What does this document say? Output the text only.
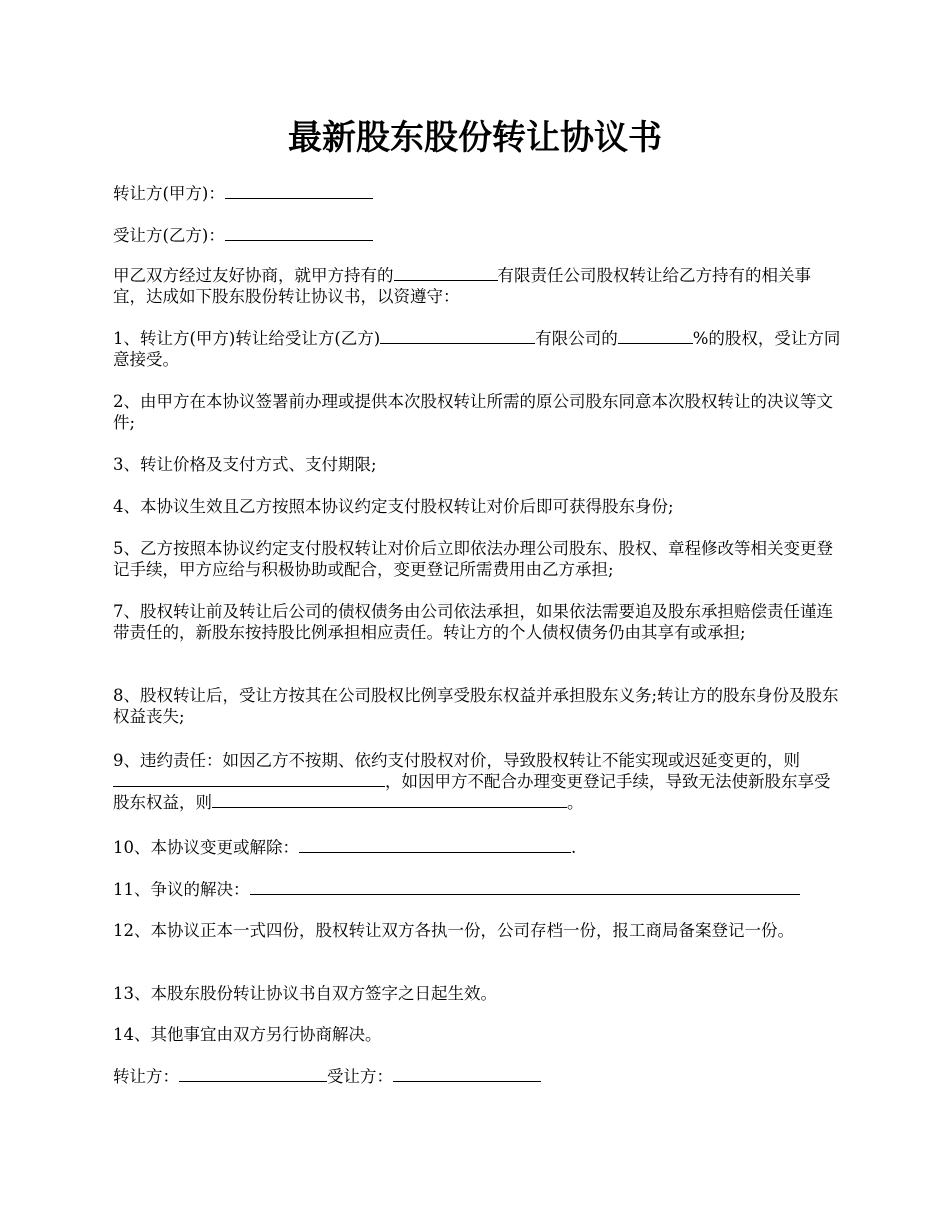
最新股东股份转让协议书

转让方(甲方)：

受让方(乙方)：

甲乙双方经过友好协商，就甲方持有的	有限责任公司股权转让给乙方持有的相关事宜，达成如下股东股份转让协议书，以资遵守：

1、转让方(甲方)转让给受让方(乙方)	有限公司的	%的股权，受让方同意接受。

2、由甲方在本协议签署前办理或提供本次股权转让所需的原公司股东同意本次股权转让的决议等文件;

3、转让价格及支付方式、支付期限;

4、本协议生效且乙方按照本协议约定支付股权转让对价后即可获得股东身份;

5、乙方按照本协议约定支付股权转让对价后立即依法办理公司股东、股权、章程修改等相关变更登记手续，甲方应给与积极协助或配合，变更登记所需费用由乙方承担;

7、股权转让前及转让后公司的债权债务由公司依法承担，如果依法需要追及股东承担赔偿责任谨连带责任的，新股东按持股比例承担相应责任。转让方的个人债权债务仍由其享有或承担;

8、股权转让后，受让方按其在公司股权比例享受股东权益并承担股东义务;转让方的股东身份及股东权益丧失;

9、违约责任：如因乙方不按期、依约支付股权对价，导致股权转让不能实现或迟延变更的，则，如因甲方不配合办理变更登记手续，导致无法使新股东享受股东权益，则	。

10、本协议变更或解除：	.

11、争议的解决：

12、本协议正本一式四份，股权转让双方各执一份，公司存档一份，报工商局备案登记一份。

13、本股东股份转让协议书自双方签字之日起生效。

14、其他事宜由双方另行协商解决。

转让方：	受让方：
